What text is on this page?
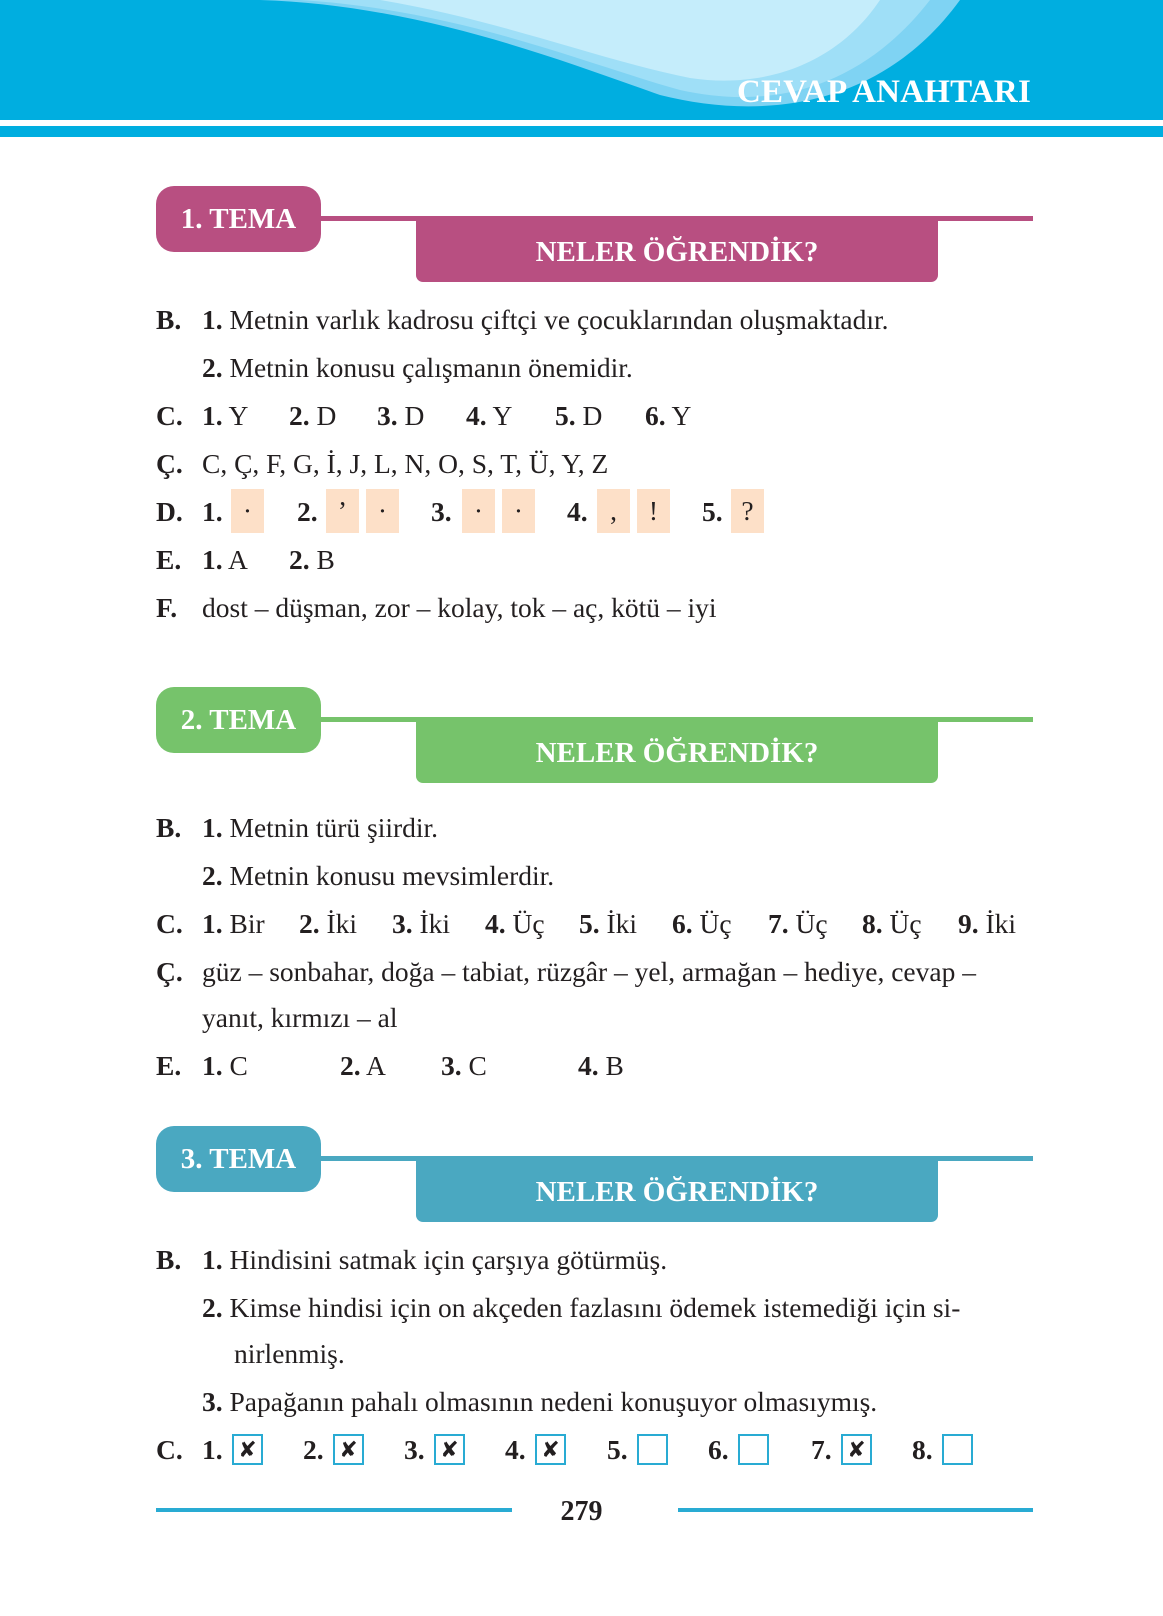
CEVAP ANAHTARI
NELER ÖĞRENDİK?
1. TEMA
B. 1. Metnin varlık kadrosu çiftçi ve çocuklarından oluşmaktadır.
2. Metnin konusu çalışmanın önemidir.
C. 1. Y 2. D 3. D 4. Y 5. D 6. Y
Ç. C, Ç, F, G, İ, J, L, N, O, S, T, Ü, Y, Z
D. 1. ·	2. ’	·	3. ·	·	4. ,	!	5. ?
E. 1. A 2. B
F. dost – düşman, zor – kolay, tok – aç, kötü – iyi
NELER ÖĞRENDİK?
2. TEMA
B. 1. Metnin türü şiirdir.
2. Metnin konusu mevsimlerdir.
C. 1. Bir 2. İki 3. İki 4. Üç 5. İki 6. Üç 7. Üç 8. Üç 9. İki
Ç. güz – sonbahar, doğa – tabiat, rüzgâr – yel, armağan – hediye, cevap –
yanıt, kırmızı – al
E. 1. C	2. A 3. C	4. B
NELER ÖĞRENDİK?
3. TEMA
B. 1. Hindisini satmak için çarşıya götürmüş.
2. Kimse hindisi için on akçeden fazlasını ödemek istemediği için si-
nirlenmiş.
3. Papağanın pahalı olmasının nedeni konuşuyor olmasıymış.
C. 1. ✘ 2. ✘ 3. ✘ 4. ✘ 5.	6.	7. ✘ 8.
279
